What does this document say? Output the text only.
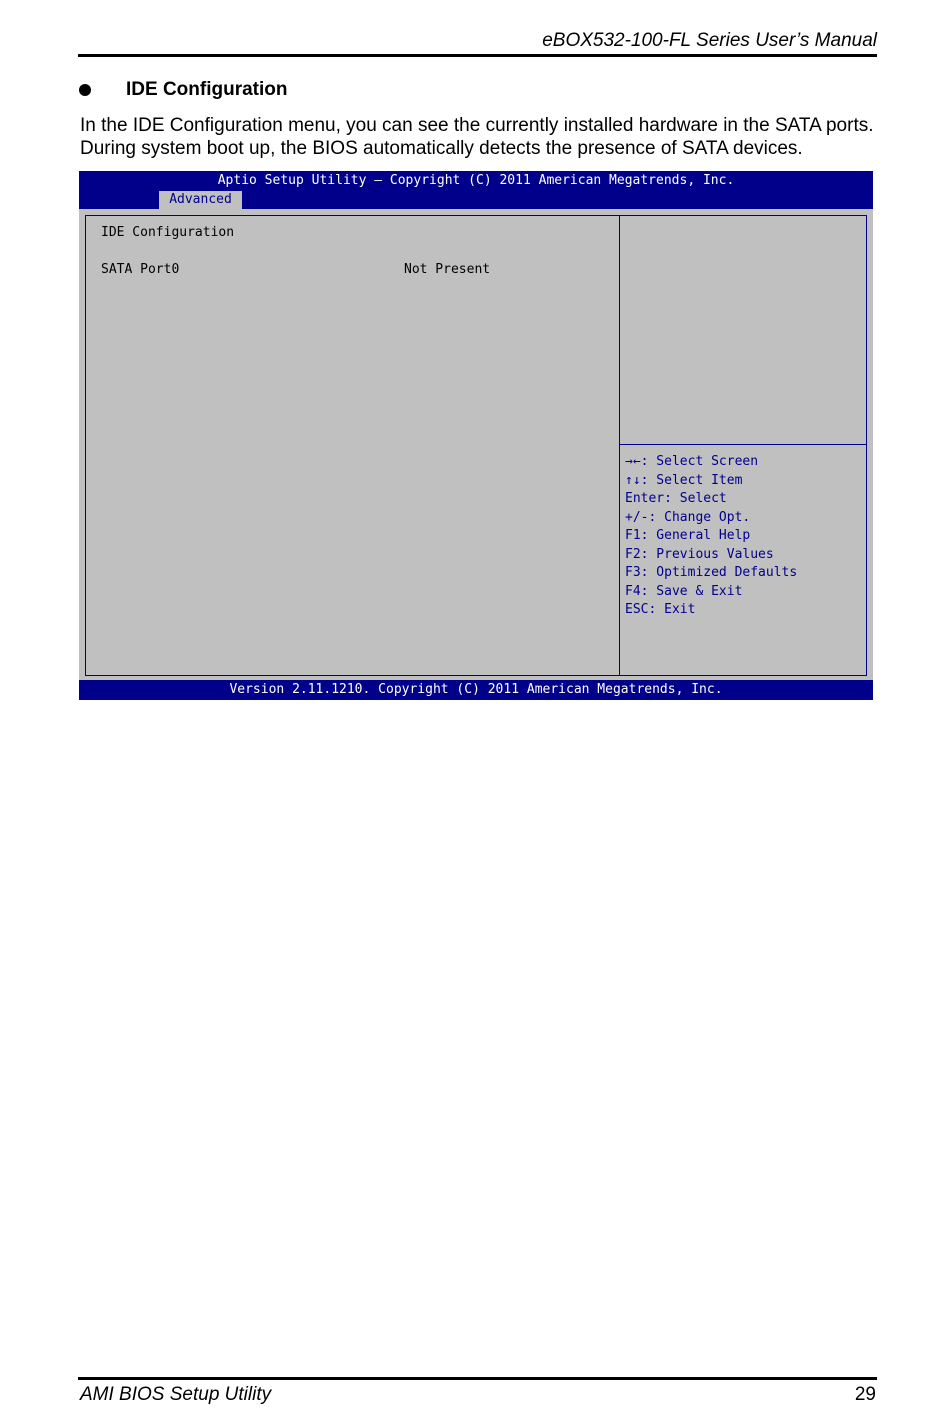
eBOX532-100-FL Series User’s Manual
IDE Configuration
In the IDE Configuration menu, you can see the currently installed hardware in the SATA ports. During system boot up, the BIOS automatically detects the presence of SATA devices.
Aptio Setup Utility – Copyright (C) 2011 American Megatrends, Inc.
Advanced
IDE Configuration
SATA Port0	Not Present
→←: Select Screen
↑↓: Select Item
Enter: Select
+/-: Change Opt.
F1: General Help
F2: Previous Values
F3: Optimized Defaults
F4: Save & Exit
ESC: Exit
Version 2.11.1210. Copyright (C) 2011 American Megatrends, Inc.
AMI BIOS Setup Utility	29
